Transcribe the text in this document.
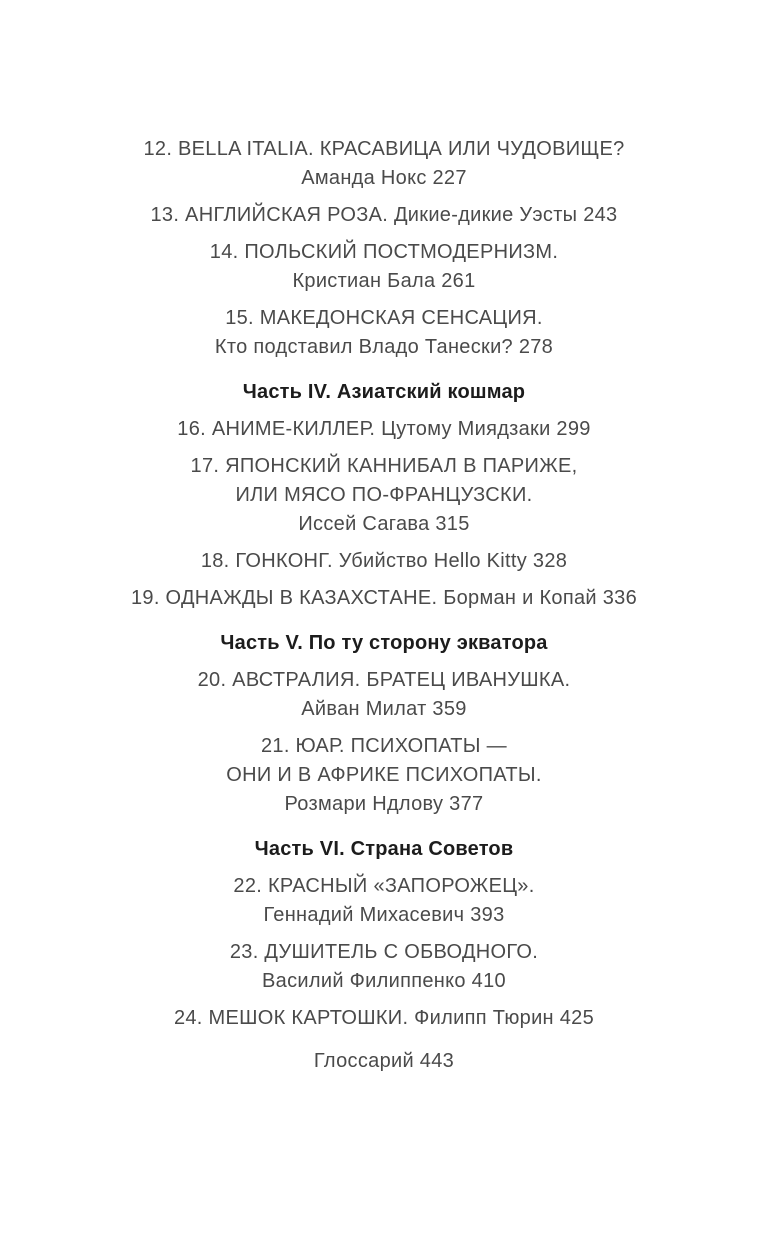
12. BELLA ITALIA. КРАСАВИЦА ИЛИ ЧУДОВИЩЕ?
Аманда Нокс 227
13. АНГЛИЙСКАЯ РОЗА. Дикие-дикие Уэсты 243
14. ПОЛЬСКИЙ ПОСТМОДЕРНИЗМ.
Кристиан Бала 261
15. МАКЕДОНСКАЯ СЕНСАЦИЯ.
Кто подставил Владо Танески? 278
Часть IV. Азиатский кошмар
16. АНИМЕ-КИЛЛЕР. Цутому Миядзаки 299
17. ЯПОНСКИЙ КАННИБАЛ В ПАРИЖЕ,
ИЛИ МЯСО ПО-ФРАНЦУЗСКИ.
Иссей Сагава 315
18. ГОНКОНГ. Убийство Hello Kitty 328
19. ОДНАЖДЫ В КАЗАХСТАНЕ. Борман и Копай 336
Часть V. По ту сторону экватора
20. АВСТРАЛИЯ. БРАТЕЦ ИВАНУШКА.
Айван Милат 359
21. ЮАР. ПСИХОПАТЫ —
ОНИ И В АФРИКЕ ПСИХОПАТЫ.
Розмари Ндлову 377
Часть VI. Страна Советов
22. КРАСНЫЙ «ЗАПОРОЖЕЦ».
Геннадий Михасевич 393
23. ДУШИТЕЛЬ С ОБВОДНОГО.
Василий Филиппенко 410
24. МЕШОК КАРТОШКИ. Филипп Тюрин 425
Глоссарий 443
